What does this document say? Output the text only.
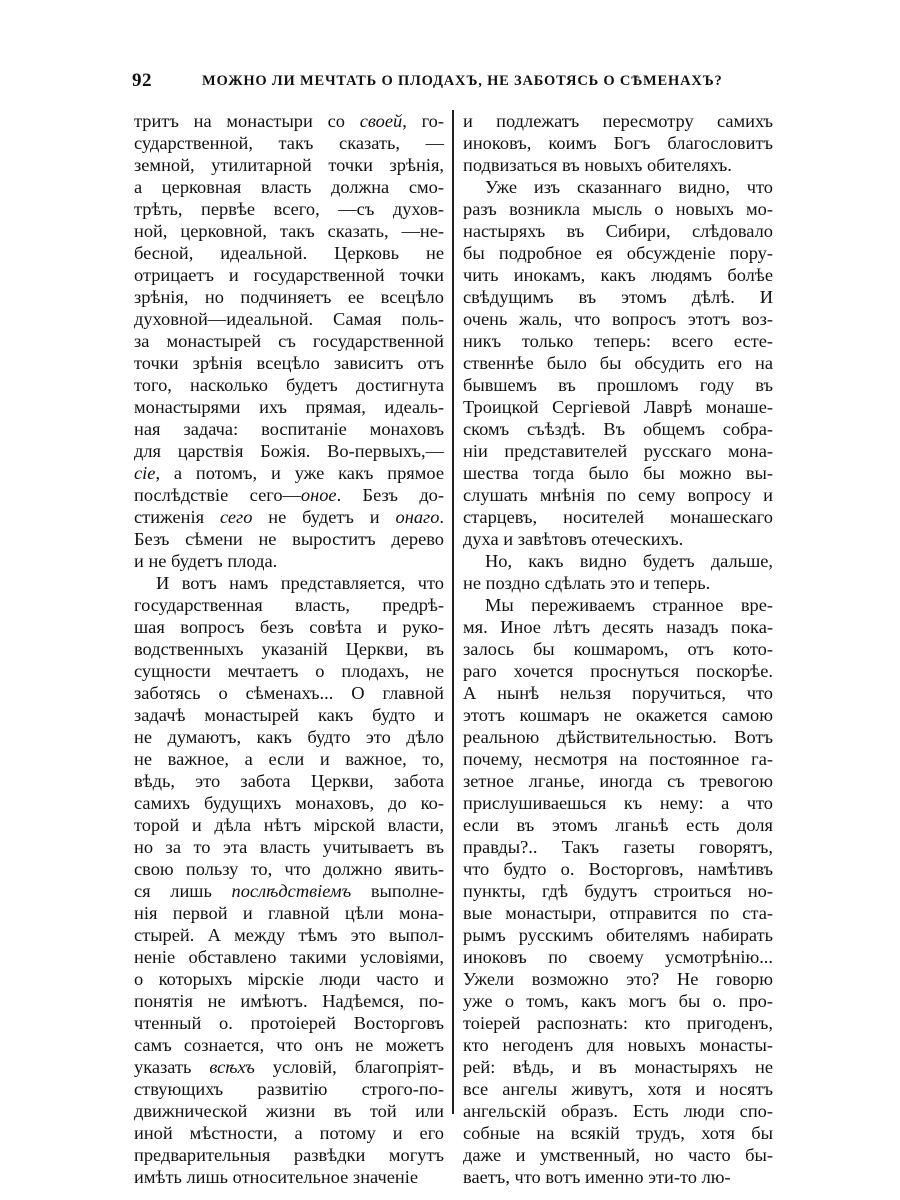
92	МОЖНО ЛИ МЕЧТАТЬ О ПЛОДАХЪ, НЕ ЗАБОТЯСЬ О СѢМЕНАХЪ?
тритъ на монастыри со своей, го-
сударственной, такъ сказать, —
земной, утилитарной точки зрѣнія,
а церковная власть должна смо-
трѣть, первѣе всего, —съ духов-
ной, церковной, такъ сказать, —не-
бесной, идеальной. Церковь не
отрицаетъ и государственной точки
зрѣнія, но подчиняетъ ее всецѣло
духовной—идеальной. Самая поль-
за монастырей съ государственной
точки зрѣнія всецѣло зависитъ отъ
того, насколько будетъ достигнута
монастырями ихъ прямая, идеаль-
ная задача: воспитаніе монаховъ
для царствія Божія. Во-первыхъ,—
сіе, а потомъ, и уже какъ прямое
послѣдствіе сего—оное. Безъ до-
стиженія сего не будетъ и онаго.
Безъ сѣмени не выроститъ дерево
и не будетъ плода.
И вотъ намъ представляется, что
государственная власть, предрѣ-
шая вопросъ безъ совѣта и руко-
водственныхъ указаній Церкви, въ
сущности мечтаетъ о плодахъ, не
заботясь о сѣменахъ... О главной
задачѣ монастырей какъ будто и
не думаютъ, какъ будто это дѣло
не важное, а если и важное, то,
вѣдь, это забота Церкви, забота
самихъ будущихъ монаховъ, до ко-
торой и дѣла нѣтъ мірской власти,
но за то эта власть учитываетъ въ
свою пользу то, что должно явить-
ся лишь послѣдствіемъ выполне-
нія первой и главной цѣли мона-
стырей. А между тѣмъ это выпол-
неніе обставлено такими условіями,
о которыхъ мірскіе люди часто и
понятія не имѣютъ. Надѣемся, по-
чтенный о. протоіерей Востоpговъ
самъ сознается, что онъ не можетъ
указать всѣхъ условій, благопріят-
ствующихъ развитію строго-по-
движнической жизни въ той или
иной мѣстности, а потому и его
предварительныя развѣдки могутъ
имѣть лишь относительное значеніе
и подлежатъ пересмотру самихъ
иноковъ, коимъ Богъ благословитъ
подвизаться въ новыхъ обителяхъ.
Уже изъ сказаннаго видно, что
разъ возникла мысль о новыхъ мо-
настыряхъ въ Сибири, слѣдовало
бы подробное ея обсужденіе пору-
чить инокамъ, какъ людямъ болѣе
свѣдущимъ въ этомъ дѣлѣ. И
очень жаль, что вопросъ этотъ воз-
никъ только теперь: всего есте-
ственнѣе было бы обсудить его на
бывшемъ въ прошломъ году въ
Троицкой Сергіевой Лаврѣ монаше-
скомъ съѣздѣ. Въ общемъ собра-
ніи представителей русскаго мона-
шества тогда было бы можно вы-
слушать мнѣнія по сему вопросу и
старцевъ, носителей монашескаго
духа и завѣтовъ отеческихъ.
Но, какъ видно будетъ дальше,
не поздно сдѣлать это и теперь.
Мы переживаемъ странное вре-
мя. Иное лѣтъ десять назадъ пока-
залось бы кошмаромъ, отъ кото-
раго хочется проснуться поскорѣе.
А нынѣ нельзя поручиться, что
этотъ кошмаръ не окажется самою
реальною дѣйствительностью. Вотъ
почему, несмотря на постоянное га-
зетное лганье, иногда съ тревогою
прислушиваешься къ нему: а что
если въ этомъ лганьѣ есть доля
правды?.. Такъ газеты говорятъ,
что будто о. Востоpговъ, намѣтивъ
пункты, гдѣ будутъ строиться но-
вые монастыри, отправится по ста-
рымъ русскимъ обителямъ набирать
иноковъ по своему усмотрѣнію...
Ужели возможно это? Не говорю
уже о томъ, какъ могъ бы о. про-
тоіерей распознать: кто пригоденъ,
кто негоденъ для новыхъ монасты-
рей: вѣдь, и въ монастыряхъ не
все ангелы живутъ, хотя и носятъ
ангельскій образъ. Есть люди спо-
собные на всякій трудъ, хотя бы
даже и умственный, но часто бы-
ваетъ, что вотъ именно эти-то лю-
